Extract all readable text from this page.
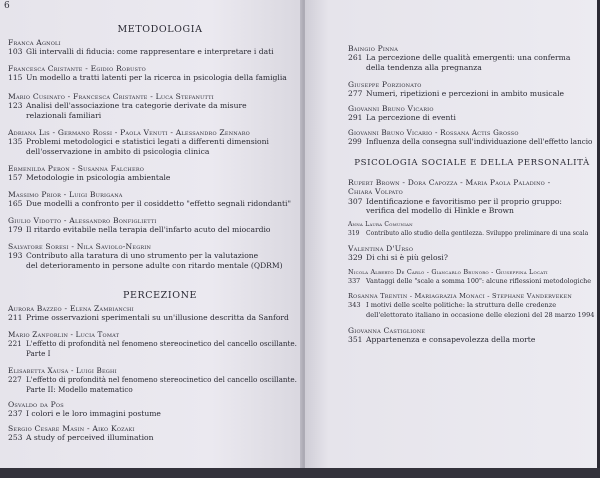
6
METODOLOGIA
Franca Agnoli
103 Gli intervalli di fiducia: come rappresentare e interpretare i dati
Francesca Cristante - Egidio Robusto
115 Un modello a tratti latenti per la ricerca in psicologia della famiglia
Mario Cusinato - Francesca Cristante - Luca Stefanutti
123 Analisi dell'associazione tra categorie derivate da misure
relazionali familiari
Adriana Lis - Germano Rossi - Paola Venuti - Alessandro Zennaro
135 Problemi metodologici e statistici legati a differenti dimensioni
dell'osservazione in ambito di psicologia clinica
Ermenilda Peron - Susanna Falchero
157 Metodologie in psicologia ambientale
Massimo Prior - Luigi Burigana
165 Due modelli a confronto per il cosiddetto "effetto segnali ridondanti"
Giulio Vidotto - Alessandro Bonfiglietti
179 Il ritardo evitabile nella terapia dell'infarto acuto del miocardio
Salvatore Soresi - Nila Saviolo-Negrin
193 Contributo alla taratura di uno strumento per la valutazione
del deterioramento in persone adulte con ritardo mentale (QDRM)
PERCEZIONE
Aurora Bazzeo - Elena Zambianchi
211 Prime osservazioni sperimentali su un'illusione descritta da Sanford
Mario Zanforlin - Lucia Tomat
221 L'effetto di profondità nel fenomeno stereocinetico del cancello oscillante.
Parte I
Elisabetta Xausa - Luigi Beghi
227 L'effetto di profondità nel fenomeno stereocinetico del cancello oscillante.
Parte II: Modello matematico
Osvaldo da Pos
237 I colori e le loro immagini postume
Sergio Cesare Masin - Aiko Kozaki
253 A study of perceived illumination
Baingio Pinna
261 La percezione delle qualità emergenti: una conferma
della tendenza alla pregnanza
Giuseppe Porzionato
277 Numeri, ripetizioni e percezioni in ambito musicale
Giovanni Bruno Vicario
291 La percezione di eventi
Giovanni Bruno Vicario - Rossana Actis Grosso
299 Influenza della consegna sull'individuazione dell'effetto lancio
PSICOLOGIA SOCIALE E DELLA PERSONALITÀ
Rupert Brown - Dora Capozza - Maria Paola Paladino -
Chiara Volpato
307 Identificazione e favoritismo per il proprio gruppo:
verifica del modello di Hinkle e Brown
Anna Laura Comunian
319	Contributo allo studio della gentilezza. Sviluppo preliminare di una scala
Valentina D'Urso
329 Di chi si è più gelosi?
Nicola Alberto De Carlo - Giancarlo Brunoro - Giuseppina Locati
337 Vantaggi delle "scale a somma 100": alcune riflessioni metodologiche
Rosanna Trentin - Mariagrazia Monaci - Stephane Vanderveken
343 I motivi delle scelte politiche: la struttura delle credenze
dell'elettorato italiano in occasione delle elezioni del 28 marzo 1994
Giovanna Castiglione
351 Appartenenza e consapevolezza della morte
